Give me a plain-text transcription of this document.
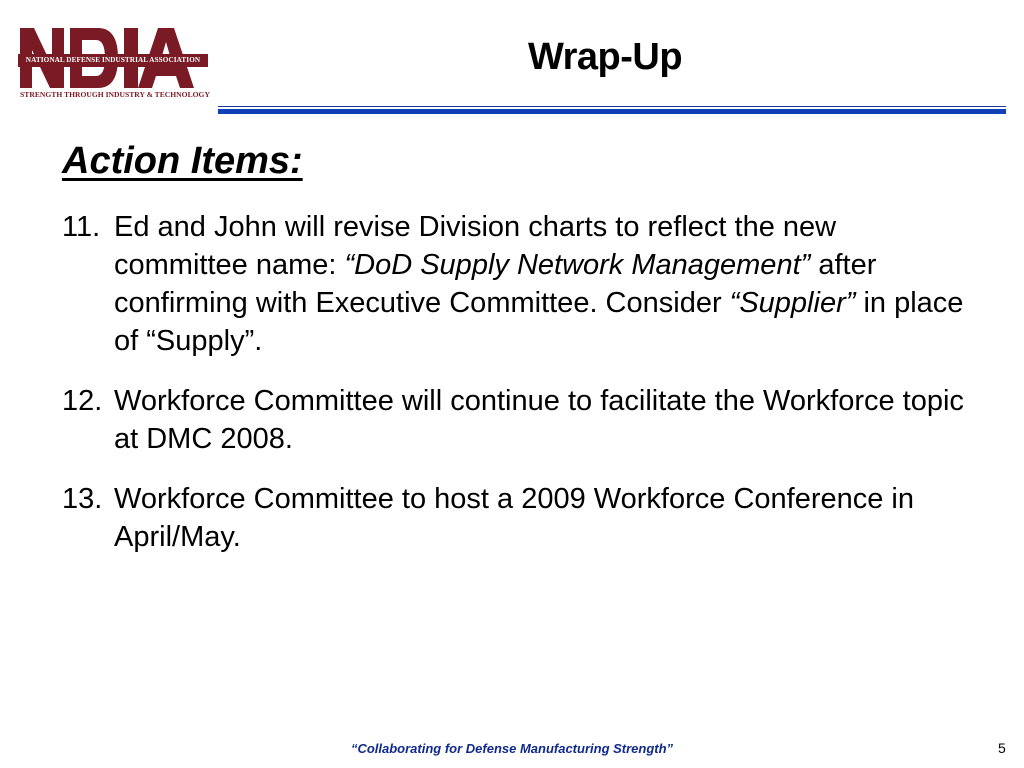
NATIONAL DEFENSE INDUSTRIAL ASSOCIATION
STRENGTH THROUGH INDUSTRY & TECHNOLOGY
Wrap-Up
Action Items:
11. Ed and John will revise Division charts to reflect the new committee name: “DoD Supply Network Management” after confirming with Executive Committee. Consider “Supplier” in place of “Supply”.
12. Workforce Committee will continue to facilitate the Workforce topic at DMC 2008.
13. Workforce Committee to host a 2009 Workforce Conference in April/May.
“Collaborating for Defense Manufacturing Strength”	5
